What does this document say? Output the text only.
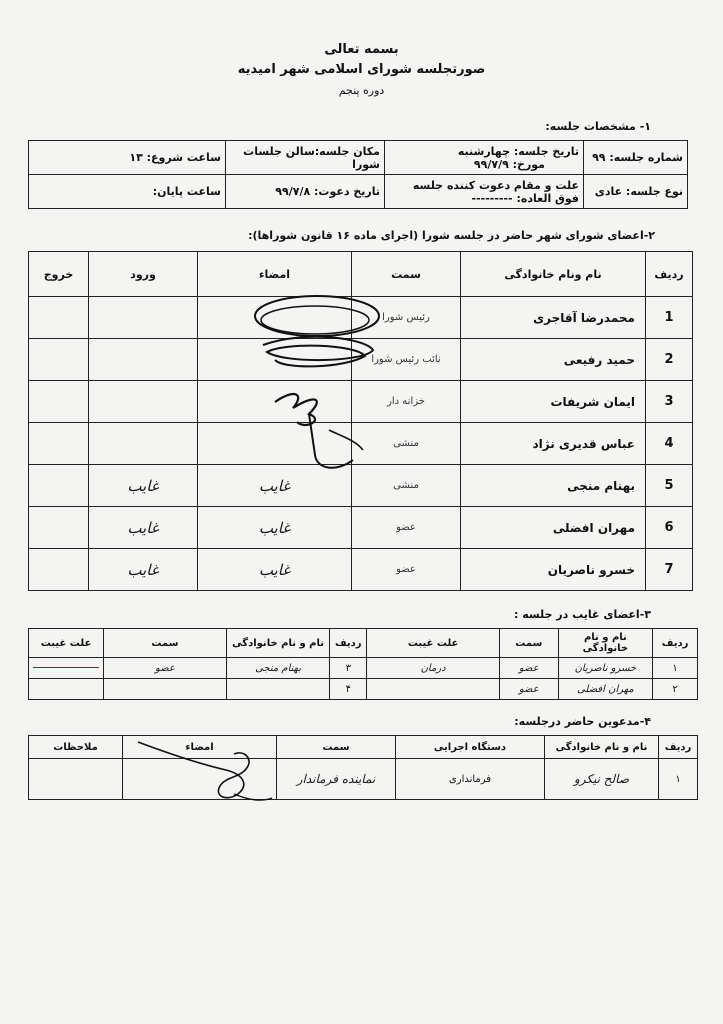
بسمه تعالی
صورتجلسه شورای اسلامی شهر امیدیه
دوره پنجم
۱- مشخصات جلسه:
شماره جلسه: ۹۹	تاریخ جلسه: چهارشنبه مورخ: ۹۹/۷/۹	مکان جلسه:سالن جلسات شورا	ساعت شروع: ۱۳
نوع جلسه: عادی	علت و مقام دعوت کننده جلسه فوق العاده: ---------	تاریخ دعوت: ۹۹/۷/۸	ساعت پایان:
۲-اعضای شورای شهر حاضر در جلسه شورا (اجرای ماده ۱۶ قانون شوراها):
ردیف	نام ونام خانوادگی	سمت	امضاء	ورود	خروج
1	محمدرضا آقاجری	رئیس شورا			
2	حمید رفیعی	نائب رئیس شورا			
3	ایمان شریفات	خزانه دار			
4	عباس قدیری نژاد	منشی			
5	بهنام منجی	منشی	غایب	غایب	
6	مهران افضلی	عضو	غایب	غایب	
7	خسرو ناصریان	عضو	غایب	غایب	
۳-اعضای غایب در جلسه :
ردیف	نام و نام خانوادگی	سمت	علت غیبت	ردیف	نام و نام خانوادگی	سمت	علت غیبت
۱	خسرو ناصریان	عضو	درمان	۳	بهنام منجی	عضو	
۲	مهران افضلی	عضو		۴			
۴-مدعوین حاضر درجلسه:
ردیف	نام و نام خانوادگی	دستگاه اجرایی	سمت	امضاء	ملاحظات
۱	صالح نیکرو	فرمانداری	نماینده فرماندار		
